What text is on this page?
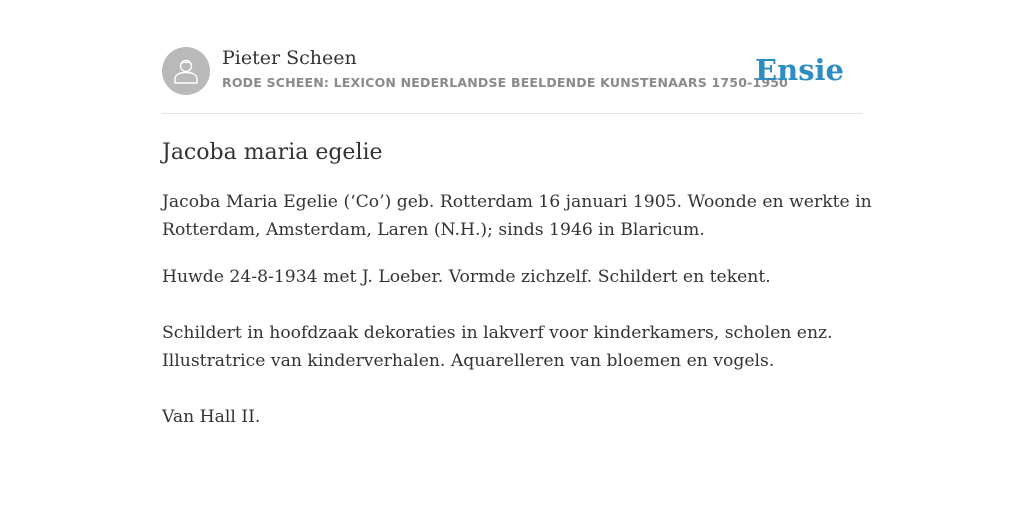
Pieter Scheen
RODE SCHEEN: LEXICON NEDERLANDSE BEELDENDE KUNSTENAARS 1750-1950
Ensie
Jacoba maria egelie

Jacoba Maria Egelie (‘Co’) geb. Rotterdam 16 januari 1905. Woonde en werkte in
Rotterdam, Amsterdam, Laren (N.H.); sinds 1946 in Blaricum.

Huwde 24-8-1934 met J. Loeber. Vormde zichzelf. Schildert en tekent.

Schildert in hoofdzaak dekoraties in lakverf voor kinderkamers, scholen enz.
Illustratrice van kinderverhalen. Aquarelleren van bloemen en vogels.

Van Hall II.
